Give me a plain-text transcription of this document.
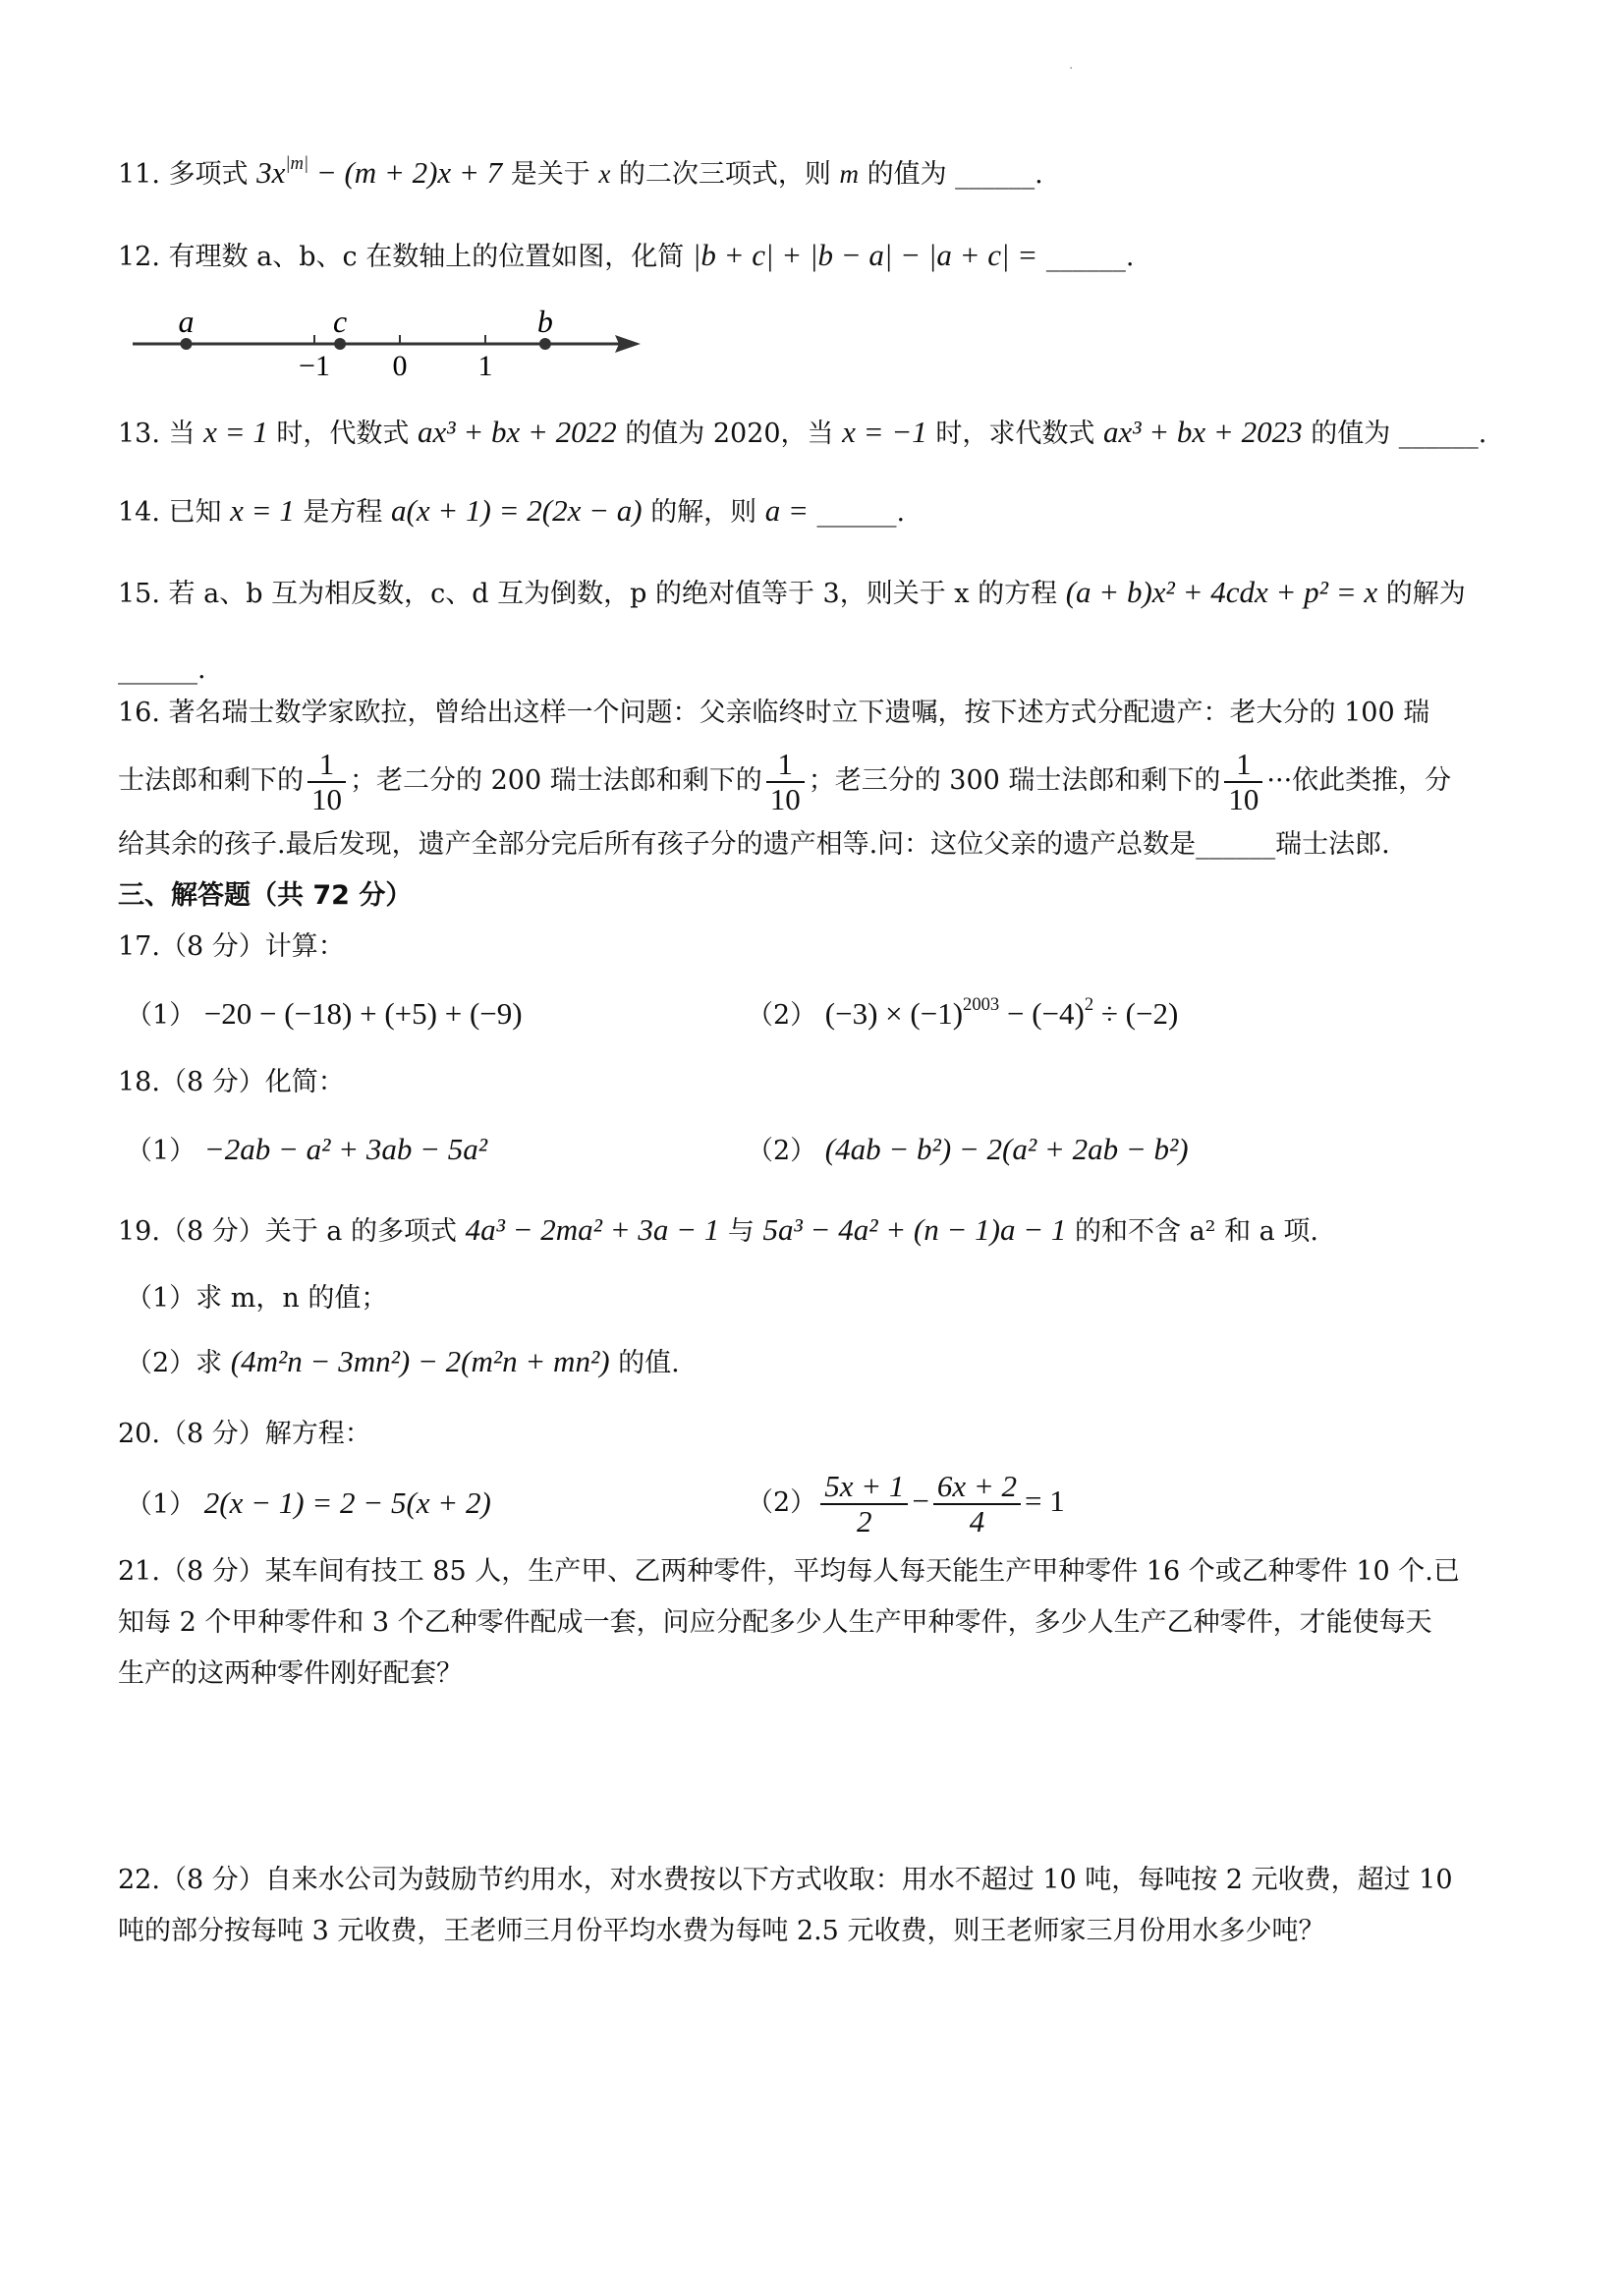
·
11. 多项式 $3x^{|m|} - (m + 2)x + 7$ 是关于 x 的二次三项式，则 m 的值为 ______.
12. 有理数 a、b、c 在数轴上的位置如图，化简 |b + c| + |b − a| − |a + c| = ______.
−1 0 1
a	c	b
13. 当 x = 1 时，代数式 ax³ + bx + 2022 的值为 2020，当 x = −1 时，求代数式 ax³ + bx + 2023 的值为 ______.
14. 已知 x = 1 是方程 a(x + 1) = 2(2x − a) 的解，则 a = ______.
15. 若 a、b 互为相反数，c、d 互为倒数，p 的绝对值等于 3，则关于 x 的方程 (a + b)x² + 4cdx + p² = x 的解为
______.
16. 著名瑞士数学家欧拉，曾给出这样一个问题：父亲临终时立下遗嘱，按下述方式分配遗产：老大分的 100 瑞
士法郎和剩下的 $\frac{1}{10}$ ；老二分的 200 瑞士法郎和剩下的 $\frac{1}{10}$ ；老三分的 300 瑞士法郎和剩下的 $\frac{1}{10}$ ···依此类推，分
给其余的孩子.最后发现，遗产全部分完后所有孩子分的遗产相等.问：这位父亲的遗产总数是______瑞士法郎.
三、解答题（共 72 分）
17.（8 分）计算：
（1） −20 − (−18) + (+5) + (−9)	（2） $(-3) \times (-1)^{2003} - (-4)^2 \div (-2)$
18.（8 分）化简：
（1） −2ab − a² + 3ab − 5a²	（2） (4ab − b²) − 2(a² + 2ab − b²)
19.（8 分）关于 a 的多项式 4a³ − 2ma² + 3a − 1 与 5a³ − 4a² + (n − 1)a − 1 的和不含 a² 和 a 项.
（1）求 m，n 的值；
（2）求 (4m²n − 3mn²) − 2(m²n + mn²) 的值.
20.（8 分）解方程：
（1） 2(x − 1) = 2 − 5(x + 2)	$(2) \frac{5x + 1}{2} - \frac{6x + 2}{4} = 1$
21.（8 分）某车间有技工 85 人，生产甲、乙两种零件，平均每人每天能生产甲种零件 16 个或乙种零件 10 个.已
知每 2 个甲种零件和 3 个乙种零件配成一套，问应分配多少人生产甲种零件，多少人生产乙种零件，才能使每天
生产的这两种零件刚好配套？
22.（8 分）自来水公司为鼓励节约用水，对水费按以下方式收取：用水不超过 10 吨，每吨按 2 元收费，超过 10
吨的部分按每吨 3 元收费，王老师三月份平均水费为每吨 2.5 元收费，则王老师家三月份用水多少吨？
